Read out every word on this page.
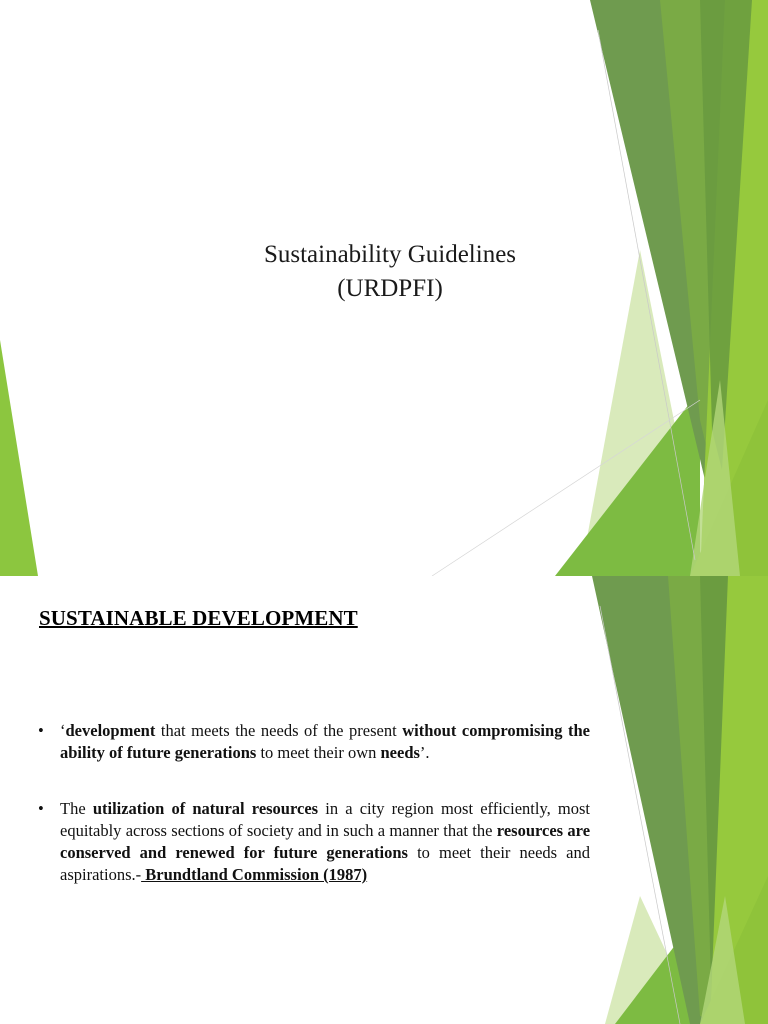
Sustainability Guidelines
(URDPFI)
SUSTAINABLE DEVELOPMENT
• ‘development that meets the needs of the present without compromising the ability of future generations to meet their own needs’.
• The utilization of natural resources in a city region most efficiently, most equitably across sections of society and in such a manner that the resources are conserved and renewed for future generations to meet their needs and aspirations.- Brundtland Commission (1987)
